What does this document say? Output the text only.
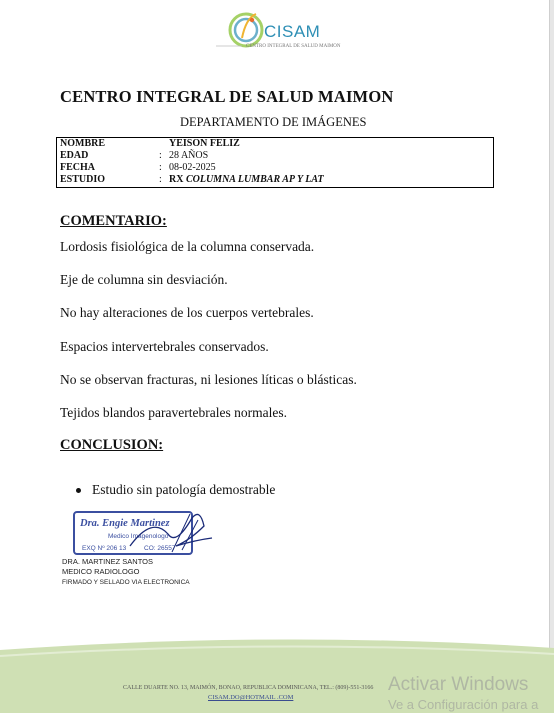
CISAM
CENTRO INTEGRAL DE SALUD MAIMON
CENTRO INTEGRAL DE SALUD MAIMON
DEPARTAMENTO DE IMÁGENES
NOMBRE	YEISON FELIZ
EDAD	: 28 AÑOS
FECHA	: 08-02-2025
ESTUDIO	: RX COLUMNA LUMBAR AP Y LAT
COMENTARIO:
Lordosis fisiológica de la columna conservada.
Eje de columna sin desviación.
No hay alteraciones de los cuerpos vertebrales.
Espacios intervertebrales conservados.
No se observan fracturas, ni lesiones líticas o blásticas.
Tejidos blandos paravertebrales normales.
CONCLUSION:
Estudio sin patología demostrable
Dra. Engie Martinez
Medico Imagenologo
EXQ Nº 206 13	CO: 26557
DRA. MARTINEZ SANTOS
MEDICO RADIOLOGO
FIRMADO Y SELLADO VIA ELECTRONICA
CALLE DUARTE NO. 13, MAIMÓN, BONAO, REPUBLICA DOMINICANA, TEL.: (809)-551-3166
CISAM.DO@HOTMAIL .COM
Activar Windows
Ve a Configuración para a
